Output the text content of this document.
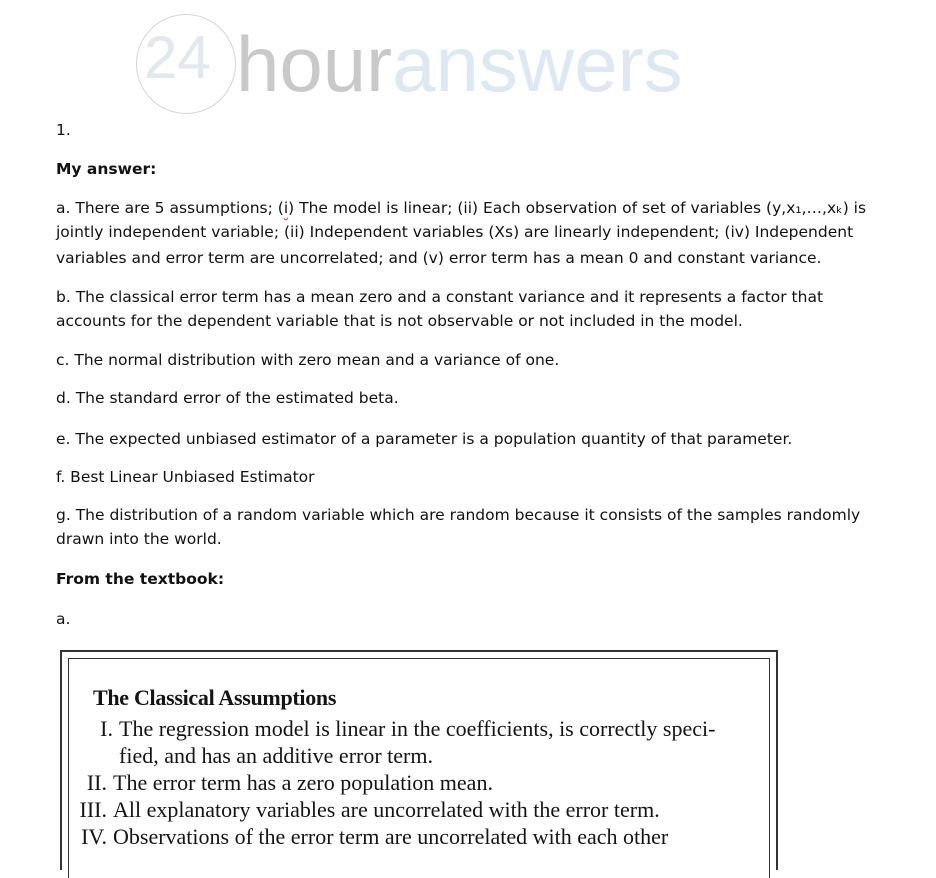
24 houranswers

1.

My answer:

a. There are 5 assumptions; (i) The model is linear; (ii) Each observation of set of variables (y,x₁,…,xₖ) is

jointly independent variable; (ii) Independent variables (Xs) are linearly independent; (iv) Independent

variables and error term are uncorrelated; and (v) error term has a mean 0 and constant variance.

b. The classical error term has a mean zero and a constant variance and it represents a factor that

accounts for the dependent variable that is not observable or not included in the model.

c. The normal distribution with zero mean and a variance of one.

d. The standard error of the estimated beta.

e. The expected unbiased estimator of a parameter is a population quantity of that parameter.

f. Best Linear Unbiased Estimator

g. The distribution of a random variable which are random because it consists of the samples randomly

drawn into the world.

From the textbook:

a.

The Classical Assumptions
I. The regression model is linear in the coefficients, is correctly speci-
fied, and has an additive error term.
II. The error term has a zero population mean.
III. All explanatory variables are uncorrelated with the error term.
IV. Observations of the error term are uncorrelated with each other
